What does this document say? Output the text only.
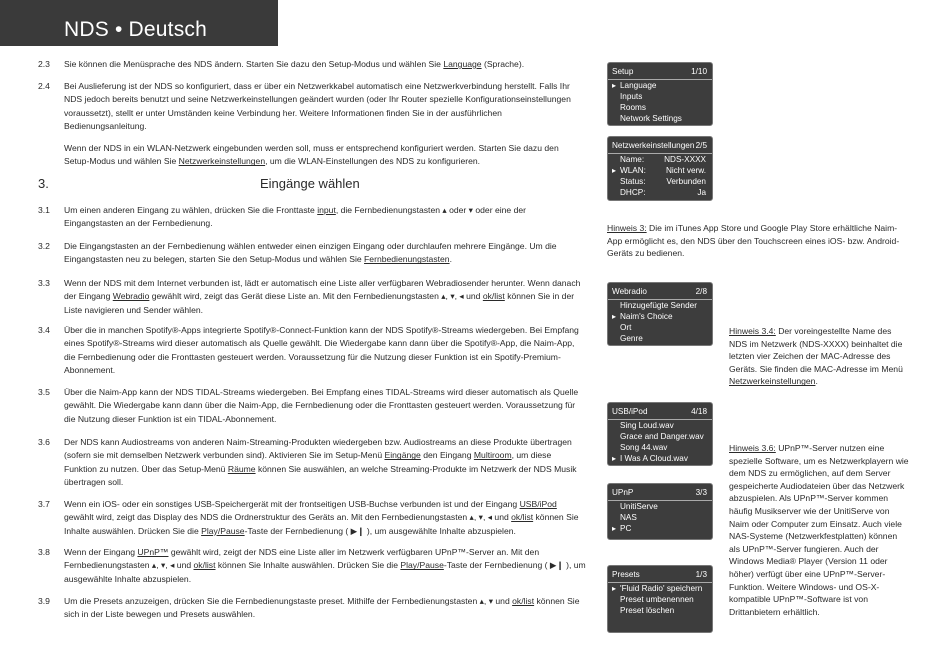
NDS • Deutsch
2.3 Sie können die Menüsprache des NDS ändern. Starten Sie dazu den Setup-Modus und wählen Sie Language (Sprache).
2.4 Bei Auslieferung ist der NDS so konfiguriert, dass er über ein Netzwerkkabel automatisch eine Netzwerkverbindung herstellt. Falls Ihr NDS jedoch bereits benutzt und seine Netzwerkeinstellungen geändert wurden (oder Ihr Router spezielle Konfigurationseinstellungen voraussetzt), stellt er unter Umständen keine Verbindung her. Weitere Informationen finden Sie in der ausführlichen Bedienungsanleitung.
Wenn der NDS in ein WLAN-Netzwerk eingebunden werden soll, muss er entsprechend konfiguriert werden. Starten Sie dazu den Setup-Modus und wählen Sie Netzwerkeinstellungen, um die WLAN-Einstellungen des NDS zu konfigurieren.
3.	Eingänge wählen
3.1 Um einen anderen Eingang zu wählen, drücken Sie die Fronttaste input, die Fernbedienungstasten ▴ oder ▾ oder eine der Eingangstasten an der Fernbedienung.
3.2 Die Eingangstasten an der Fernbedienung wählen entweder einen einzigen Eingang oder durchlaufen mehrere Eingänge. Um die Eingangstasten neu zu belegen, starten Sie den Setup-Modus und wählen Sie Fernbedienungstasten.
3.3 Wenn der NDS mit dem Internet verbunden ist, lädt er automatisch eine Liste aller verfügbaren Webradiosender herunter. Wenn danach der Eingang Webradio gewählt wird, zeigt das Gerät diese Liste an. Mit den Fernbedienungstasten ▴, ▾, ◂ und ok/list können Sie in der Liste navigieren und Sender wählen.
3.4 Über die in manchen Spotify®-Apps integrierte Spotify®-Connect-Funktion kann der NDS Spotify®-Streams wiedergeben. Bei Empfang eines Spotify®-Streams wird dieser automatisch als Quelle gewählt. Die Wiedergabe kann dann über die Spotify®-App, die Naim-App, die Fernbedienung oder die Fronttasten gesteuert werden. Voraussetzung für die Nutzung dieser Funktion ist ein Spotify-Premium-Abonnement.
3.5 Über die Naim-App kann der NDS TIDAL-Streams wiedergeben. Bei Empfang eines TIDAL-Streams wird dieser automatisch als Quelle gewählt. Die Wiedergabe kann dann über die Naim-App, die Fernbedienung oder die Fronttasten gesteuert werden. Voraussetzung für die Nutzung dieser Funktion ist ein TIDAL-Abonnement.
3.6 Der NDS kann Audiostreams von anderen Naim-Streaming-Produkten wiedergeben bzw. Audiostreams an diese Produkte übertragen (sofern sie mit demselben Netzwerk verbunden sind). Aktivieren Sie im Setup-Menü Eingänge den Eingang Multiroom, um diese Funktion zu nutzen. Über das Setup-Menü Räume können Sie auswählen, an welche Streaming-Produkte im Netzwerk der NDS Musik übertragen soll.
3.7 Wenn ein iOS- oder ein sonstiges USB-Speichergerät mit der frontseitigen USB-Buchse verbunden ist und der Eingang USB/iPod gewählt wird, zeigt das Display des NDS die Ordnerstruktur des Geräts an. Mit den Fernbedienungstasten ▴, ▾, ◂ und ok/list können Sie Inhalte auswählen. Drücken Sie die Play/Pause-Taste der Fernbedienung ( ▶❙ ), um ausgewählte Inhalte abzuspielen.
3.8 Wenn der Eingang UPnP™ gewählt wird, zeigt der NDS eine Liste aller im Netzwerk verfügbaren UPnP™-Server an. Mit den Fernbedienungstasten ▴, ▾, ◂ und ok/list können Sie Inhalte auswählen. Drücken Sie die Play/Pause-Taste der Fernbedienung ( ▶❙ ), um ausgewählte Inhalte abzuspielen.
3.9 Um die Presets anzuzeigen, drücken Sie die Fernbedienungstaste preset. Mithilfe der Fernbedienungstasten ▴, ▾ und ok/list können Sie sich in der Liste bewegen und Presets auswählen.
Setup	1/10
▸ Language
Inputs
Rooms
Network Settings
Netzwerkeinstellungen 2/5
Name: NDS-XXXX
▸ WLAN: Nicht verw.
Status:	Verbunden
DHCP:	Ja
Hinweis 3: Die im iTunes App Store und Google Play Store erhältliche Naim-App ermöglicht es, den NDS über den Touchscreen eines iOS- bzw. Android-Geräts zu bedienen.
Webradio	2/8
Hinzugefügte Sender
▸ Naim's Choice
Ort
Genre
Hinweis 3.4: Der voreingestellte Name des NDS im Netzwerk (NDS-XXXX) beinhaltet die letzten vier Zeichen der MAC-Adresse des Geräts. Sie finden die MAC-Adresse im Menü Netzwerkeinstellungen.
USB/iPod	4/18
Sing Loud.wav
Grace and Danger.wav
Song 44.wav
▸ I Was A Cloud.wav
Hinweis 3.6: UPnP™-Server nutzen eine spezielle Software, um es Netzwerkplayern wie dem NDS zu ermöglichen, auf dem Server gespeicherte Audiodateien über das Netzwerk abzuspielen. Als UPnP™-Server kommen häufig Musikserver wie der UnitiServe von Naim oder Computer zum Einsatz. Auch viele NAS-Systeme (Netzwerkfestplatten) können als UPnP™-Server fungieren. Auch der Windows Media® Player (Version 11 oder höher) verfügt über eine UPnP™-Server-Funktion. Weitere Windows- und OS-X-kompatible UPnP™-Software ist von Drittanbietern erhältlich.
UPnP	3/3
UnitiServe
NAS
▸ PC
Presets	1/3
▸ 'Fluid Radio' speichern
Preset umbenennen
Preset löschen
